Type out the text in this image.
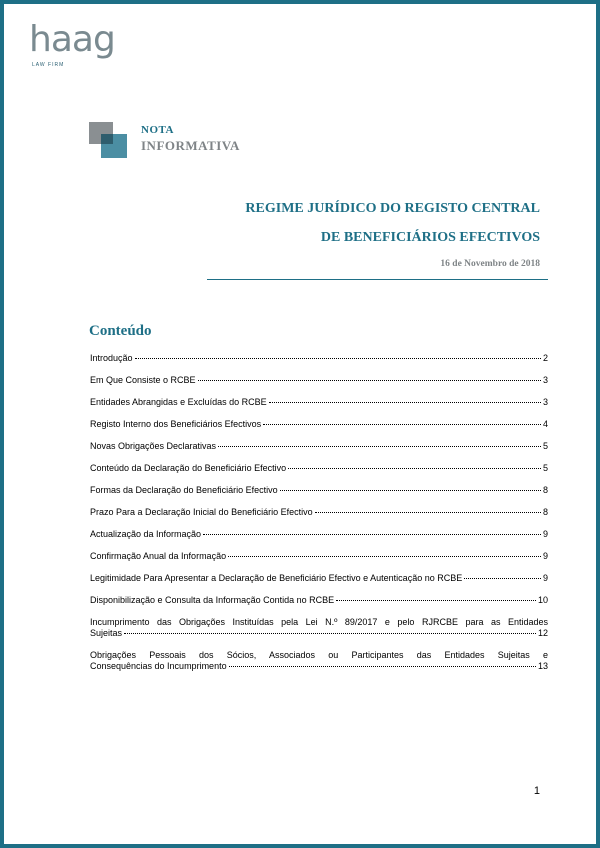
haag
LAW FIRM
NOTA
INFORMATIVA
REGIME JURÍDICO DO REGISTO CENTRAL
DE BENEFICIÁRIOS EFECTIVOS
16 de Novembro de 2018
Conteúdo
Introdução	2
Em Que Consiste o RCBE	3
Entidades Abrangidas e Excluídas do RCBE	3
Registo Interno dos Beneficiários Efectivos	4
Novas Obrigações Declarativas	5
Conteúdo da Declaração do Beneficiário Efectivo	5
Formas da Declaração do Beneficiário Efectivo	8
Prazo Para a Declaração Inicial do Beneficiário Efectivo	8
Actualização da Informação	9
Confirmação Anual da Informação	9
Legitimidade Para Apresentar a Declaração de Beneficiário Efectivo e Autenticação no RCBE	9
Disponibilização e Consulta da Informação Contida no RCBE	10
Incumprimento das Obrigações Instituídas pela Lei N.º 89/2017 e pelo RJRCBE para as Entidades
Sujeitas	12
Obrigações Pessoais dos Sócios, Associados ou Participantes das Entidades Sujeitas e
Consequências do Incumprimento	13
1
